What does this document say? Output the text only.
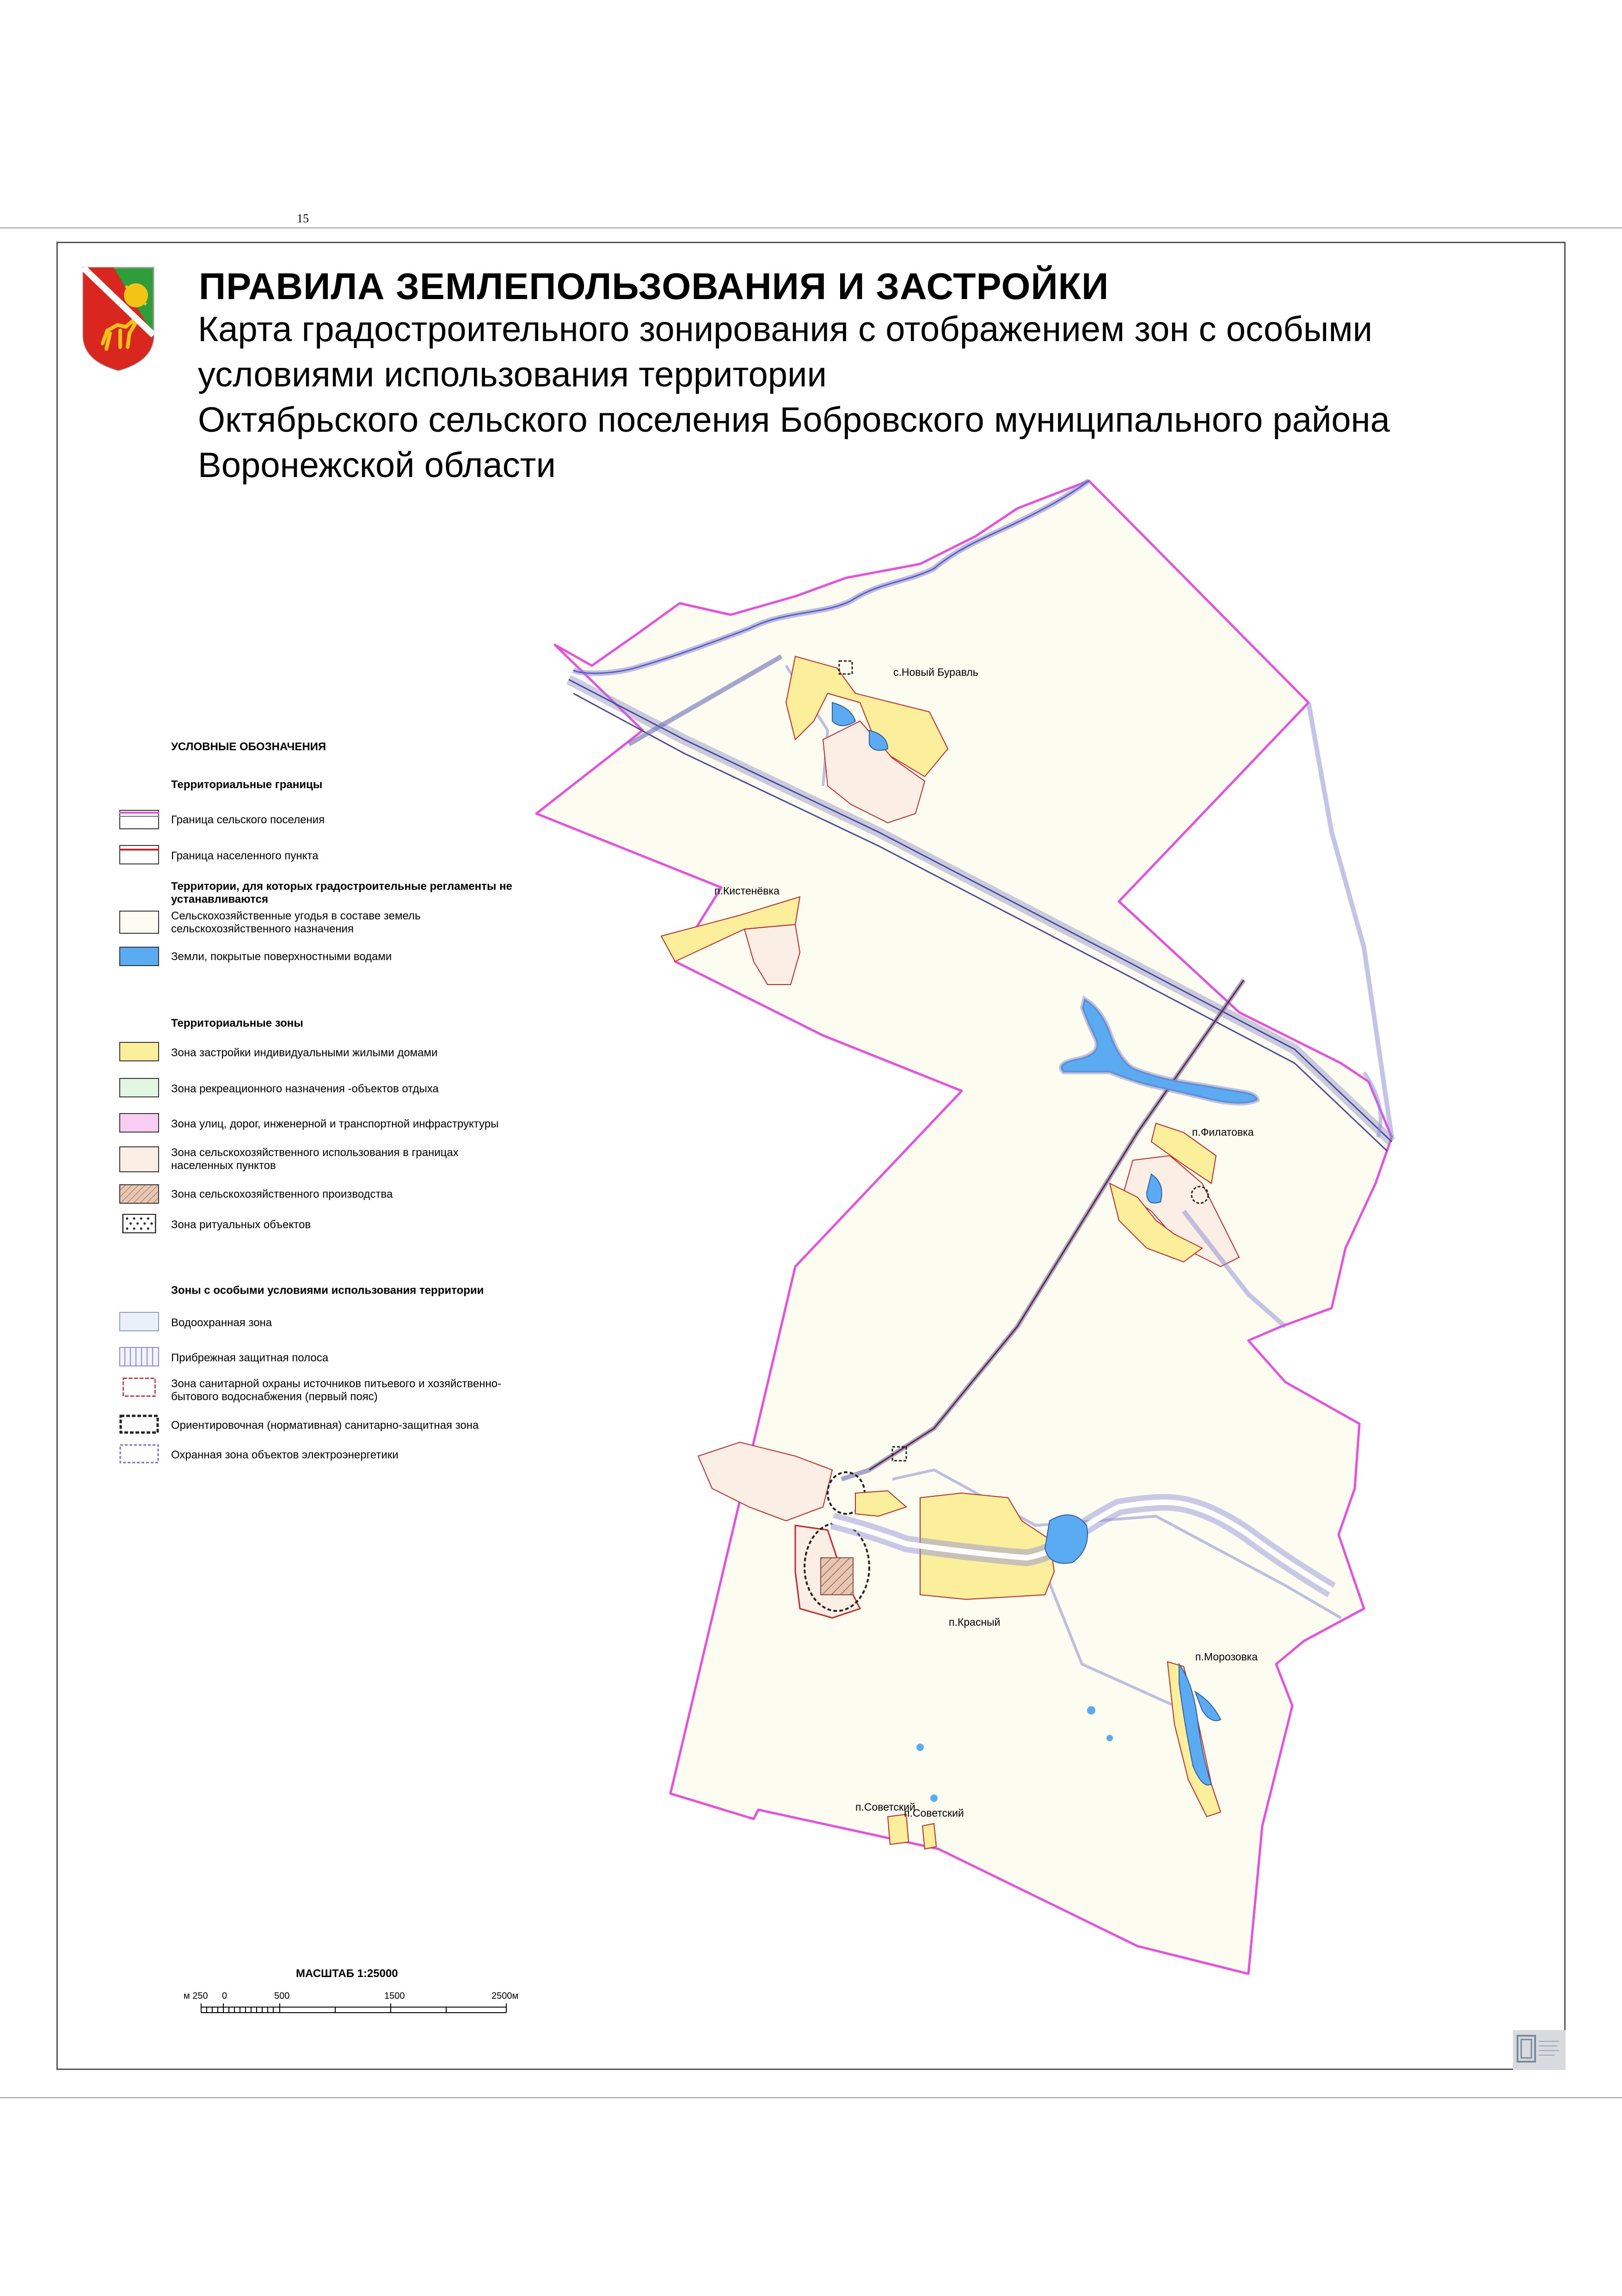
15
ПРАВИЛА ЗЕМЛЕПОЛЬЗОВАНИЯ И ЗАСТРОЙКИ
Карта градостроительного зонирования с отображением зон с особыми
условиями использования территории
Октябрьского сельского поселения Бобровского муниципального района
Воронежской области
с.Новый Буравль
п.Кистенёвка
п.Филатовка
п.Красный
п.Морозовка
п.Советский
п.Советский
УСЛОВНЫЕ ОБОЗНАЧЕНИЯ
Территориальные границы
Граница сельского поселения
Граница населенного пункта
Территории, для которых градостроительные регламенты не устанавливаются
Сельскохозяйственные угодья в составе земель сельскохозяйственного назначения
Земли, покрытые поверхностными водами
Территориальные зоны
Зона застройки индивидуальными жилыми домами
Зона рекреационного назначения -объектов отдыха
Зона улиц, дорог, инженерной и транспортной инфраструктуры
Зона сельскохозяйственного использования в границах населенных пунктов
Зона сельскохозяйственного производства
Зона ритуальных объектов
Зоны с особыми условиями использования территории
Водоохранная зона
Прибрежная защитная полоса
Зона санитарной охраны источников питьевого и хозяйственно-бытового водоснабжения (первый пояс)
Ориентировочная (нормативная) санитарно-защитная зона
Охранная зона объектов электроэнергетики
МАСШТАБ 1:25000
м 250 0	500	1500	2500м
